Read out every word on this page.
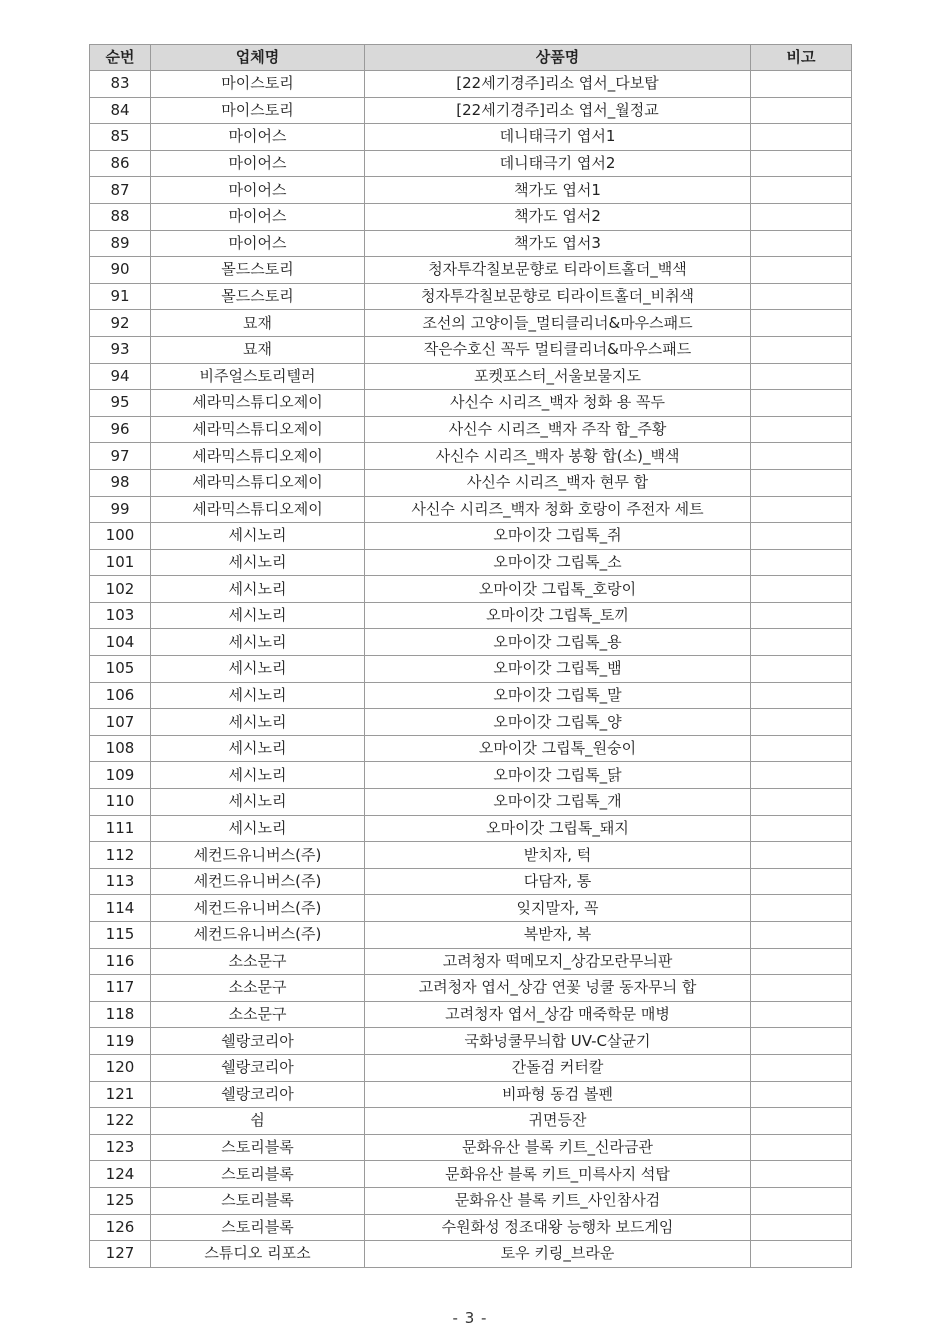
순번	업체명	상품명	비고
83	마이스토리	[22세기경주]리소 엽서_다보탑	
84	마이스토리	[22세기경주]리소 엽서_월정교	
85	마이어스	데니태극기 엽서1	
86	마이어스	데니태극기 엽서2	
87	마이어스	책가도 엽서1	
88	마이어스	책가도 엽서2	
89	마이어스	책가도 엽서3	
90	몰드스토리	청자투각칠보문향로 티라이트홀더_백색	
91	몰드스토리	청자투각칠보문향로 티라이트홀더_비취색	
92	묘재	조선의 고양이들_멀티클리너&마우스패드	
93	묘재	작은수호신 꼭두 멀티클리너&마우스패드	
94	비주얼스토리텔러	포켓포스터_서울보물지도	
95	세라믹스튜디오제이	사신수 시리즈_백자 청화 용 꼭두	
96	세라믹스튜디오제이	사신수 시리즈_백자 주작 합_주황	
97	세라믹스튜디오제이	사신수 시리즈_백자 봉황 합(소)_백색	
98	세라믹스튜디오제이	사신수 시리즈_백자 현무 합	
99	세라믹스튜디오제이	사신수 시리즈_백자 청화 호랑이 주전자 세트	
100	세시노리	오마이갓 그립톡_쥐	
101	세시노리	오마이갓 그립톡_소	
102	세시노리	오마이갓 그립톡_호랑이	
103	세시노리	오마이갓 그립톡_토끼	
104	세시노리	오마이갓 그립톡_용	
105	세시노리	오마이갓 그립톡_뱀	
106	세시노리	오마이갓 그립톡_말	
107	세시노리	오마이갓 그립톡_양	
108	세시노리	오마이갓 그립톡_원숭이	
109	세시노리	오마이갓 그립톡_닭	
110	세시노리	오마이갓 그립톡_개	
111	세시노리	오마이갓 그립톡_돼지	
112	세컨드유니버스(주)	받치자, 턱	
113	세컨드유니버스(주)	다담자, 통	
114	세컨드유니버스(주)	잊지말자, 꼭	
115	세컨드유니버스(주)	복받자, 복	
116	소소문구	고려청자 떡메모지_상감모란무늬판	
117	소소문구	고려청자 엽서_상감 연꽃 넝쿨 동자무늬 합	
118	소소문구	고려청자 엽서_상감 매죽학문 매병	
119	쉘랑코리아	국화넝쿨무늬합 UV-C살균기	
120	쉘랑코리아	간돌검 커터칼	
121	쉘랑코리아	비파형 동검 볼펜	
122	쉼	귀면등잔	
123	스토리블록	문화유산 블록 키트_신라금관	
124	스토리블록	문화유산 블록 키트_미륵사지 석탑	
125	스토리블록	문화유산 블록 키트_사인참사검	
126	스토리블록	수원화성 정조대왕 능행차 보드게임	
127	스튜디오 리포소	토우 키링_브라운	
- 3 -
